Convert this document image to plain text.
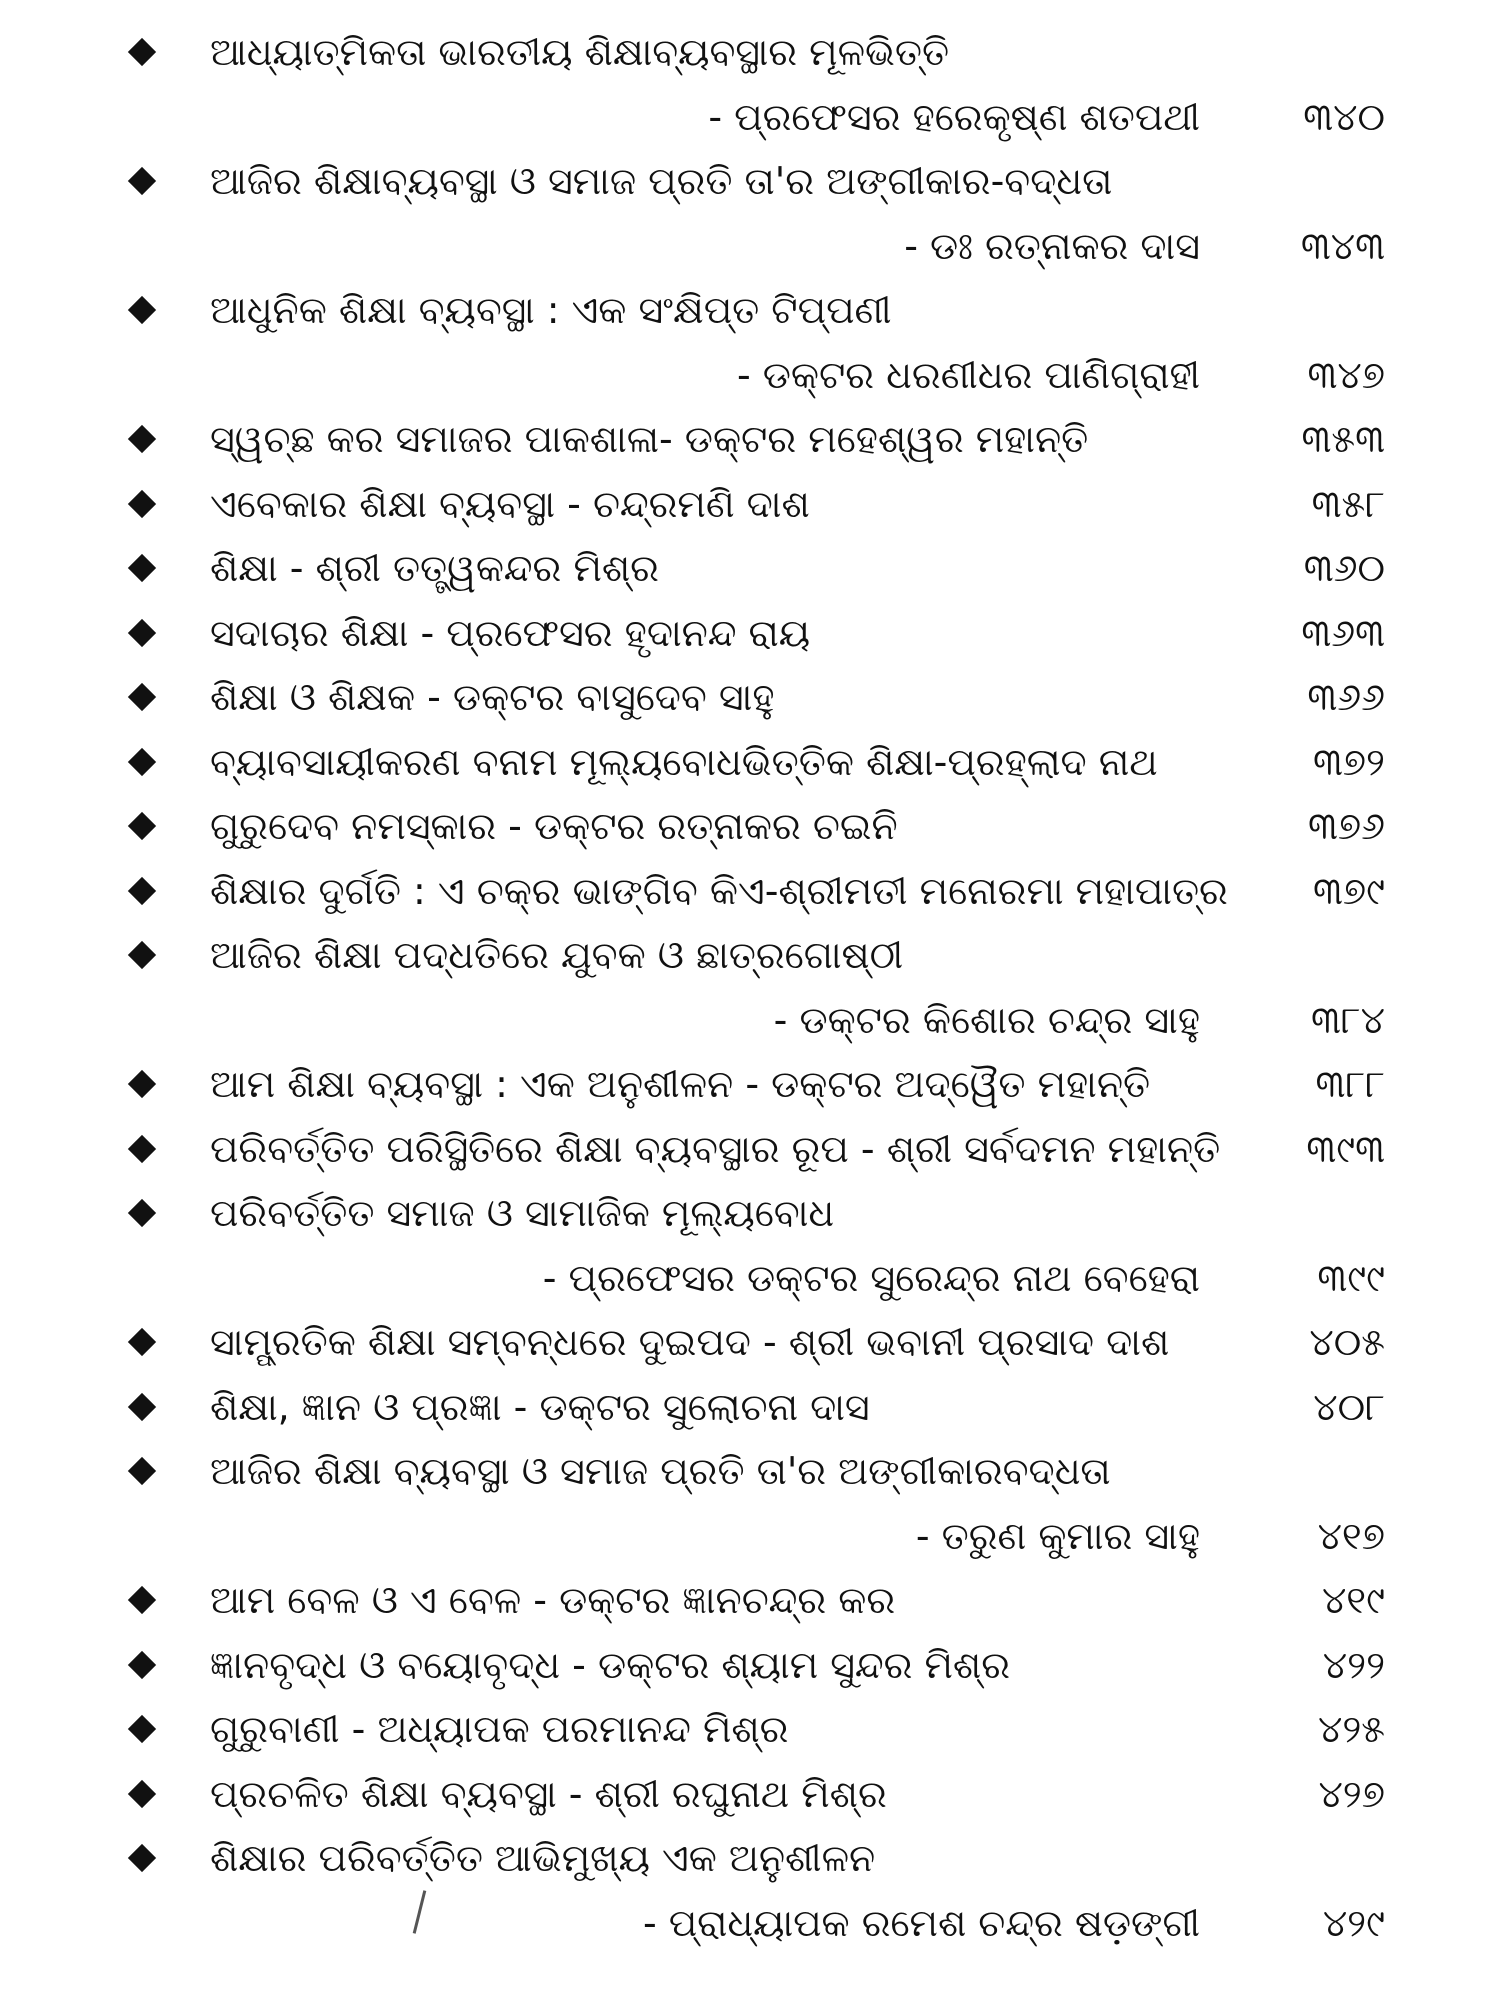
ଆଧ୍ୟାତ୍ମିକତା ଭାରତୀୟ ଶିକ୍ଷାବ୍ୟବସ୍ଥାର ମୂଳଭିତ୍ତି
- ପ୍ରଫେସର ହରେକୃଷ୍ଣ ଶତପଥୀ	୩୪୦
ଆଜିର ଶିକ୍ଷାବ୍ୟବସ୍ଥା ଓ ସମାଜ ପ୍ରତି ତା'ର ଅଙ୍ଗୀକାର-ବଦ୍ଧତା
- ଡଃ ରତ୍ନାକର ଦାସ	୩୪୩
ଆଧୁନିକ ଶିକ୍ଷା ବ୍ୟବସ୍ଥା : ଏକ ସଂକ୍ଷିପ୍ତ ଟିପ୍ପଣୀ
- ଡକ୍ଟର ଧରଣୀଧର ପାଣିଗ୍ରାହୀ	୩୪୭
ସ୍ୱଚ୍ଛ କର ସମାଜର ପାକଶାଳା- ଡକ୍ଟର ମହେଶ୍ୱର ମହାନ୍ତି	୩୫୩
ଏବେକାର ଶିକ୍ଷା ବ୍ୟବସ୍ଥା - ଚନ୍ଦ୍ରମଣି ଦାଶ	୩୫୮
ଶିକ୍ଷା - ଶ୍ରୀ ତତ୍ତ୍ୱକନ୍ଦର ମିଶ୍ର	୩୬୦
ସଦାଚାର ଶିକ୍ଷା - ପ୍ରଫେସର ହୃଦାନନ୍ଦ ରାୟ	୩୬୩
ଶିକ୍ଷା ଓ ଶିକ୍ଷକ - ଡକ୍ଟର ବାସୁଦେବ ସାହୁ	୩୬୬
ବ୍ୟାବସାୟୀକରଣ ବନାମ ମୂଲ୍ୟବୋଧଭିତ୍ତିକ ଶିକ୍ଷା-ପ୍ରହ୍ଲାଦ ନାଥ	୩୭୨
ଗୁରୁଦେବ ନମସ୍କାର - ଡକ୍ଟର ରତ୍ନାକର ଚଇନି	୩୭୬
ଶିକ୍ଷାର ଦୁର୍ଗତି : ଏ ଚକ୍ର ଭାଙ୍ଗିବ କିଏ-ଶ୍ରୀମତୀ ମନୋରମା ମହାପାତ୍ର ୩୭୯
ଆଜିର ଶିକ୍ଷା ପଦ୍ଧତିରେ ଯୁବକ ଓ ଛାତ୍ରଗୋଷ୍ଠୀ
- ଡକ୍ଟର କିଶୋର ଚନ୍ଦ୍ର ସାହୁ	୩୮୪
ଆମ ଶିକ୍ଷା ବ୍ୟବସ୍ଥା : ଏକ ଅନୁଶୀଳନ - ଡକ୍ଟର ଅଦ୍ୱୈତ ମହାନ୍ତି	୩୮୮
ପରିବର୍ତ୍ତିତ ପରିସ୍ଥିତିରେ ଶିକ୍ଷା ବ୍ୟବସ୍ଥାର ରୂପ - ଶ୍ରୀ ସର୍ବଦମନ ମହାନ୍ତି ୩୯୩
ପରିବର୍ତ୍ତିତ ସମାଜ ଓ ସାମାଜିକ ମୂଲ୍ୟବୋଧ
- ପ୍ରଫେସର ଡକ୍ଟର ସୁରେନ୍ଦ୍ର ନାଥ ବେହେରା	୩୯୯
ସାମ୍ପ୍ରତିକ ଶିକ୍ଷା ସମ୍ବନ୍ଧରେ ଦୁଇପଦ - ଶ୍ରୀ ଭବାନୀ ପ୍ରସାଦ ଦାଶ	୪୦୫
ଶିକ୍ଷା, ଜ୍ଞାନ ଓ ପ୍ରଜ୍ଞା - ଡକ୍ଟର ସୁଲୋଚନା ଦାସ	୪୦୮
ଆଜିର ଶିକ୍ଷା ବ୍ୟବସ୍ଥା ଓ ସମାଜ ପ୍ରତି ତା'ର ଅଙ୍ଗୀକାରବଦ୍ଧତା
- ତରୁଣ କୁମାର ସାହୁ	୪୧୭
ଆମ ବେଳ ଓ ଏ ବେଳ - ଡକ୍ଟର ଜ୍ଞାନଚନ୍ଦ୍ର କର	୪୧୯
ଜ୍ଞାନବୃଦ୍ଧ ଓ ବୟୋବୃଦ୍ଧ - ଡକ୍ଟର ଶ୍ୟାମ ସୁନ୍ଦର ମିଶ୍ର	୪୨୨
ଗୁରୁବାଣୀ - ଅଧ୍ୟାପକ ପରମାନନ୍ଦ ମିଶ୍ର	୪୨୫
ପ୍ରଚଳିତ ଶିକ୍ଷା ବ୍ୟବସ୍ଥା - ଶ୍ରୀ ରଘୁନାଥ ମିଶ୍ର	୪୨୭
ଶିକ୍ଷାର ପରିବର୍ତ୍ତିତ ଆଭିମୁଖ୍ୟ ଏକ ଅନୁଶୀଳନ
- ପ୍ରାଧ୍ୟାପକ ରମେଶ ଚନ୍ଦ୍ର ଷଡ଼ଙ୍ଗୀ	୪୨୯
